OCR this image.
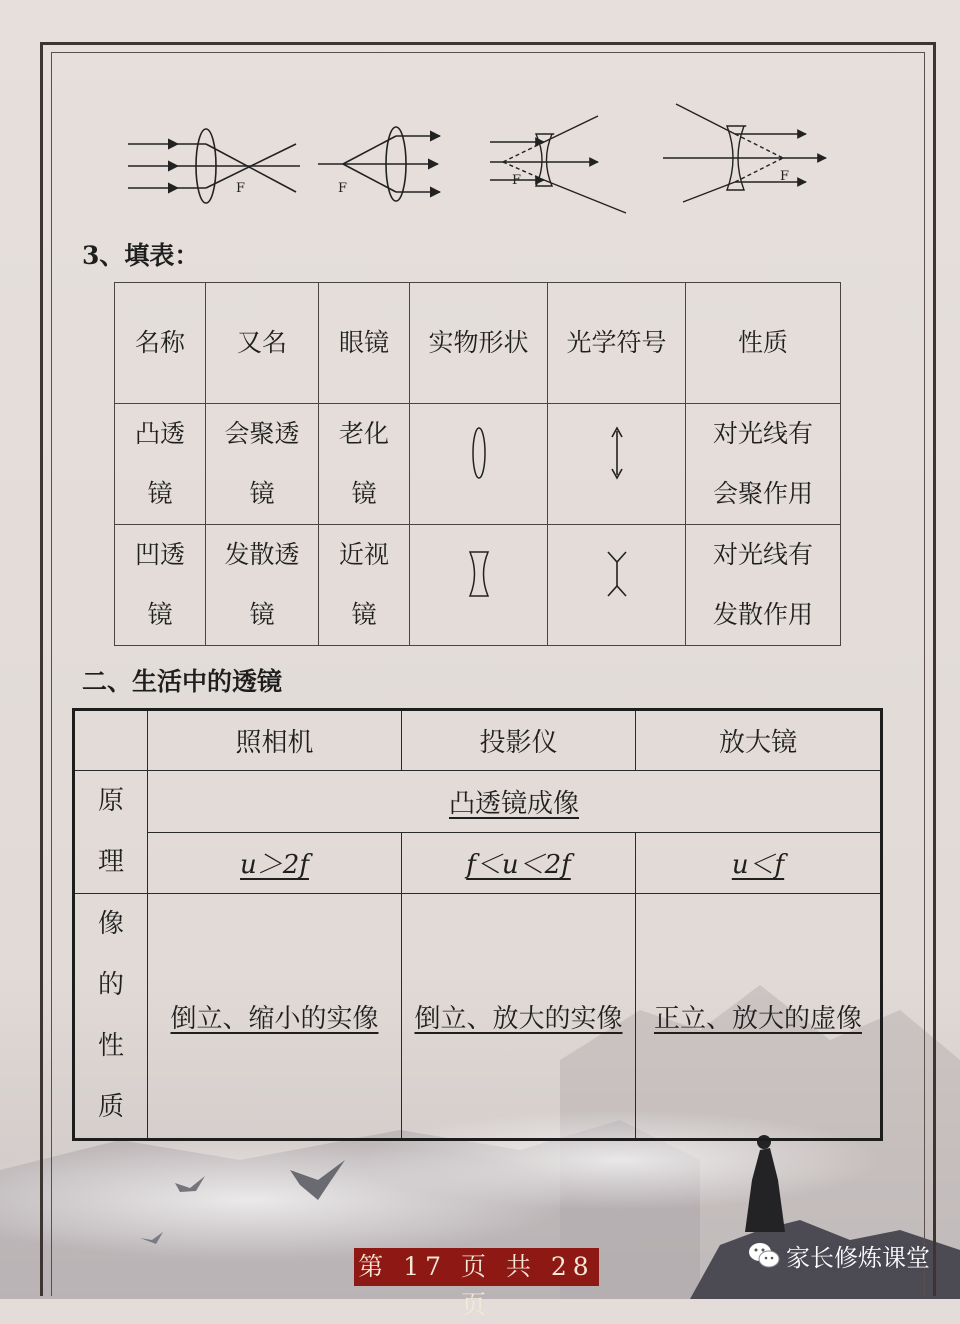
F	F
F	F
3、填表：
名称	又名	眼镜	实物形状	光学符号	性质
凸透镜	会聚透镜	老化镜			对光线有会聚作用
凹透镜	发散透镜	近视镜			对光线有发散作用
二、生活中的透镜
	照相机	投影仪	放大镜
原理	凸透镜成像		
	u＞2f	f＜u＜2f	u＜f
像的性质	倒立、缩小的实像	倒立、放大的实像	正立、放大的虚像
第 17 页 共 28 页
家长修炼课堂
